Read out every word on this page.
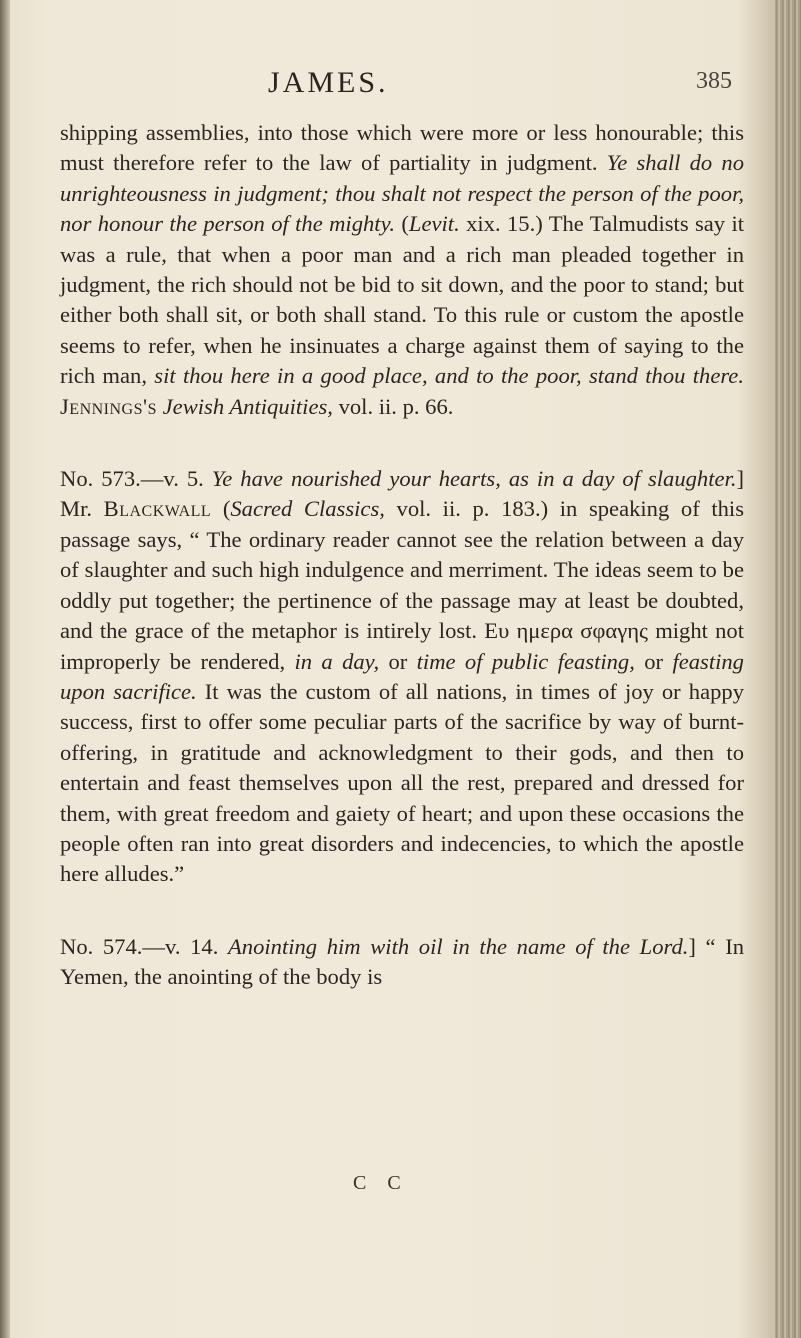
JAMES.	385

shipping assemblies, into those which were more or less honourable; this must therefore refer to the law of partiality in judgment. Ye shall do no unrighteousness in judgment; thou shalt not respect the person of the poor, nor honour the person of the mighty. (Levit. xix. 15.) The Talmudists say it was a rule, that when a poor man and a rich man pleaded together in judgment, the rich should not be bid to sit down, and the poor to stand; but either both shall sit, or both shall stand. To this rule or custom the apostle seems to refer, when he insinuates a charge against them of saying to the rich man, sit thou here in a good place, and to the poor, stand thou there. Jennings's Jewish Antiquities, vol. ii. p. 66.

No. 573.—v. 5. Ye have nourished your hearts, as in a day of slaughter.] Mr. Blackwall (Sacred Classics, vol. ii. p. 183.) in speaking of this passage says, “ The ordinary reader cannot see the relation between a day of slaughter and such high indulgence and merriment. The ideas seem to be oddly put together; the pertinence of the passage may at least be doubted, and the grace of the metaphor is intirely lost. Ευ ημερα σφαγης might not improperly be rendered, in a day, or time of public feasting, or feasting upon sacrifice. It was the custom of all nations, in times of joy or happy success, first to offer some peculiar parts of the sacrifice by way of burnt-offering, in gratitude and acknowledgment to their gods, and then to entertain and feast themselves upon all the rest, prepared and dressed for them, with great freedom and gaiety of heart; and upon these occasions the people often ran into great disorders and indecencies, to which the apostle here alludes.”

No. 574.—v. 14. Anointing him with oil in the name of the Lord.] “ In Yemen, the anointing of the body is

C C
